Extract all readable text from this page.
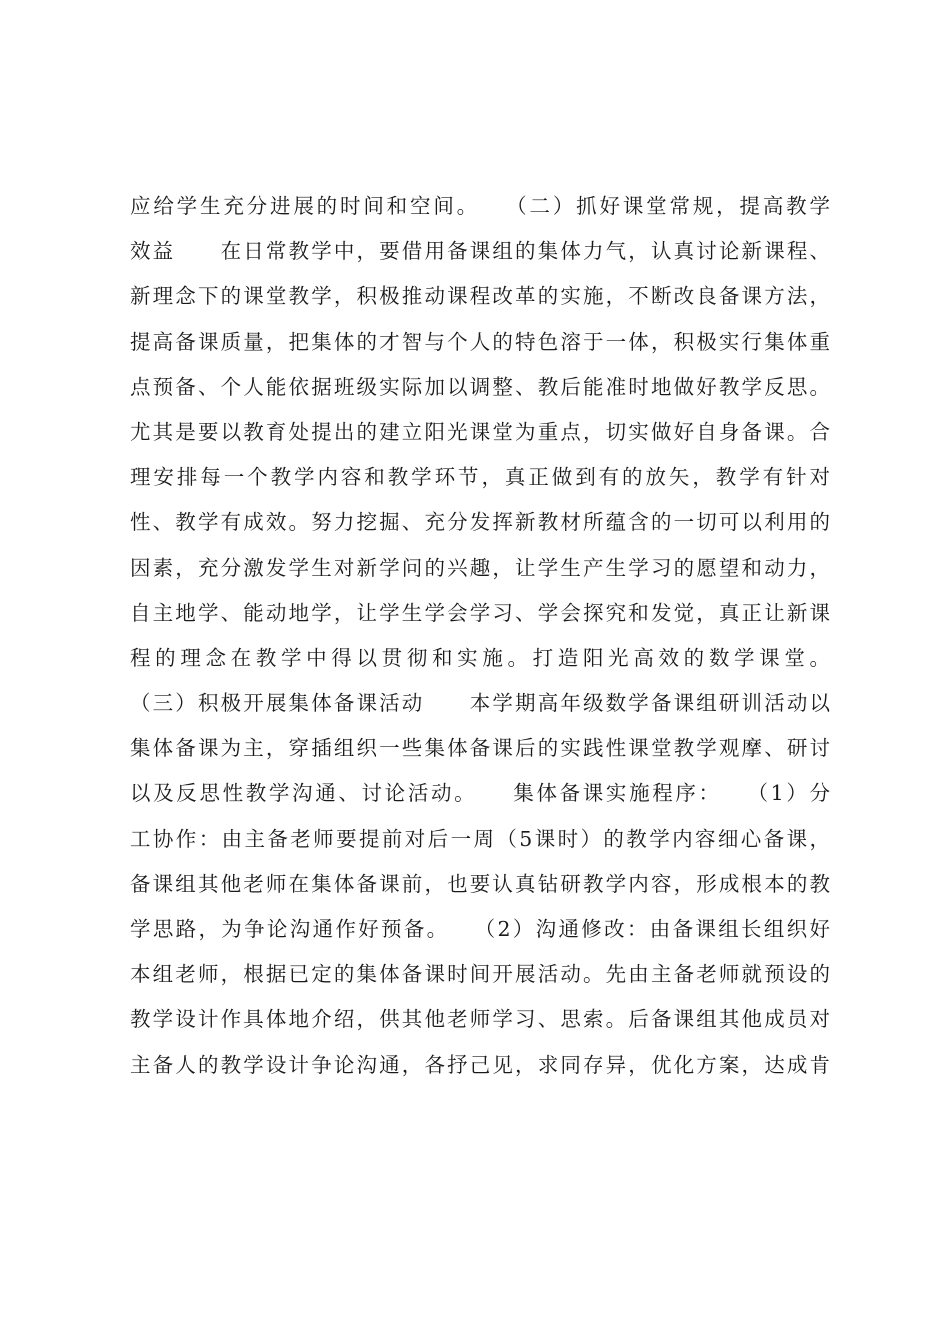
应给学生充分进展的时间和空间。　　（二）抓好课堂常规，提高教学
效益　　在日常教学中，要借用备课组的集体力气，认真讨论新课程、
新理念下的课堂教学，积极推动课程改革的实施，不断改良备课方法，
提高备课质量，把集体的才智与个人的特色溶于一体，积极实行集体重
点预备、个人能依据班级实际加以调整、教后能准时地做好教学反思。
尤其是要以教育处提出的建立阳光课堂为重点，切实做好自身备课。合
理安排每一个教学内容和教学环节，真正做到有的放矢，教学有针对
性、教学有成效。努力挖掘、充分发挥新教材所蕴含的一切可以利用的
因素，充分激发学生对新学问的兴趣，让学生产生学习的愿望和动力，
自主地学、能动地学，让学生学会学习、学会探究和发觉，真正让新课
程的理念在教学中得以贯彻和实施。打造阳光高效的数学课堂。
（三）积极开展集体备课活动　　本学期高年级数学备课组研训活动以
集体备课为主，穿插组织一些集体备课后的实践性课堂教学观摩、研讨
以及反思性教学沟通、讨论活动。　　集体备课实施程序：　　（1）分
工协作：由主备老师要提前对后一周（5课时）的教学内容细心备课，
备课组其他老师在集体备课前，也要认真钻研教学内容，形成根本的教
学思路，为争论沟通作好预备。　　（2）沟通修改：由备课组长组织好
本组老师，根据已定的集体备课时间开展活动。先由主备老师就预设的
教学设计作具体地介绍，供其他老师学习、思索。后备课组其他成员对
主备人的教学设计争论沟通，各抒己见，求同存异，优化方案，达成肯
